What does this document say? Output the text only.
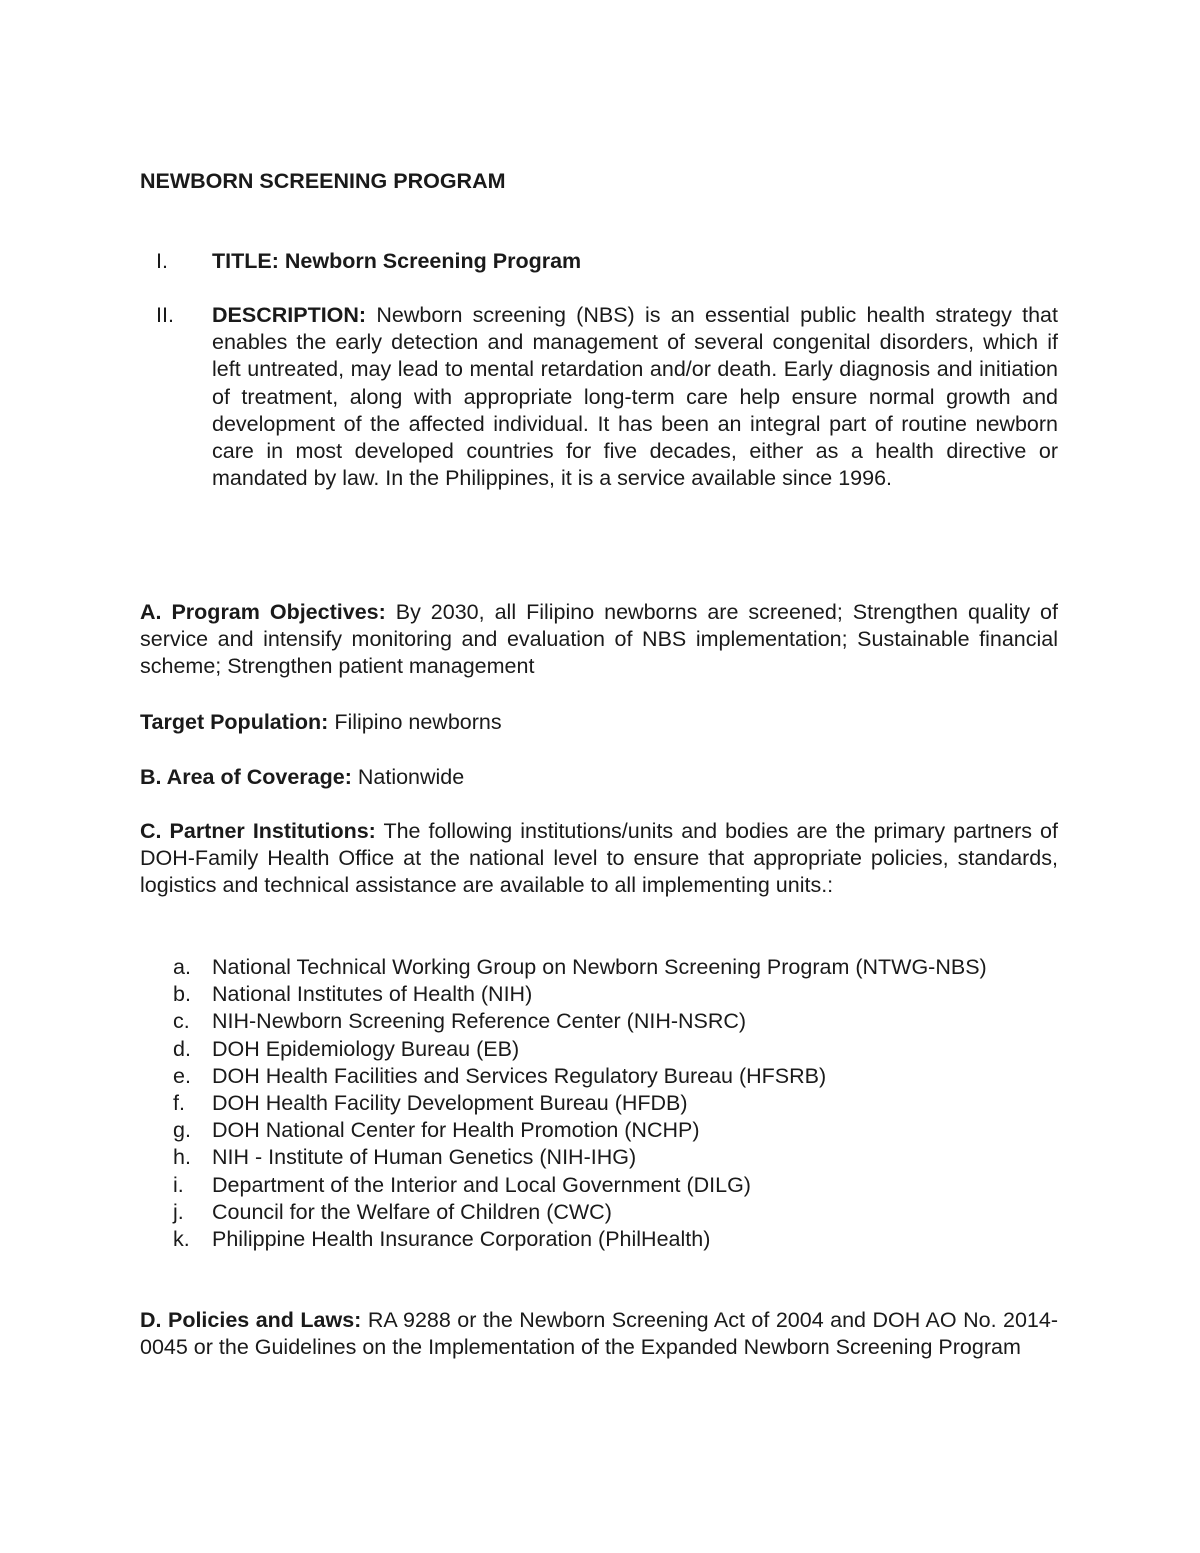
NEWBORN SCREENING PROGRAM
I.	TITLE: Newborn Screening Program
II.	DESCRIPTION: Newborn screening (NBS) is an essential public health strategy that enables the early detection and management of several congenital disorders, which if left untreated, may lead to mental retardation and/or death. Early diagnosis and initiation of treatment, along with appropriate long-term care help ensure normal growth and development of the affected individual. It has been an integral part of routine newborn care in most developed countries for five decades, either as a health directive or mandated by law. In the Philippines, it is a service available since 1996.
A. Program Objectives: By 2030, all Filipino newborns are screened; Strengthen quality of service and intensify monitoring and evaluation of NBS implementation; Sustainable financial scheme; Strengthen patient management
Target Population: Filipino newborns
B. Area of Coverage: Nationwide
C. Partner Institutions: The following institutions/units and bodies are the primary partners of DOH-Family Health Office at the national level to ensure that appropriate policies, standards, logistics and technical assistance are available to all implementing units.:
a. National Technical Working Group on Newborn Screening Program (NTWG-NBS)
b. National Institutes of Health (NIH)
c. NIH-Newborn Screening Reference Center (NIH-NSRC)
d. DOH Epidemiology Bureau (EB)
e. DOH Health Facilities and Services Regulatory Bureau (HFSRB)
f. DOH Health Facility Development Bureau (HFDB)
g. DOH National Center for Health Promotion (NCHP)
h. NIH - Institute of Human Genetics (NIH-IHG)
i. Department of the Interior and Local Government (DILG)
j. Council for the Welfare of Children (CWC)
k. Philippine Health Insurance Corporation (PhilHealth)
D. Policies and Laws: RA 9288 or the Newborn Screening Act of 2004 and DOH AO No. 2014-0045 or the Guidelines on the Implementation of the Expanded Newborn Screening Program
